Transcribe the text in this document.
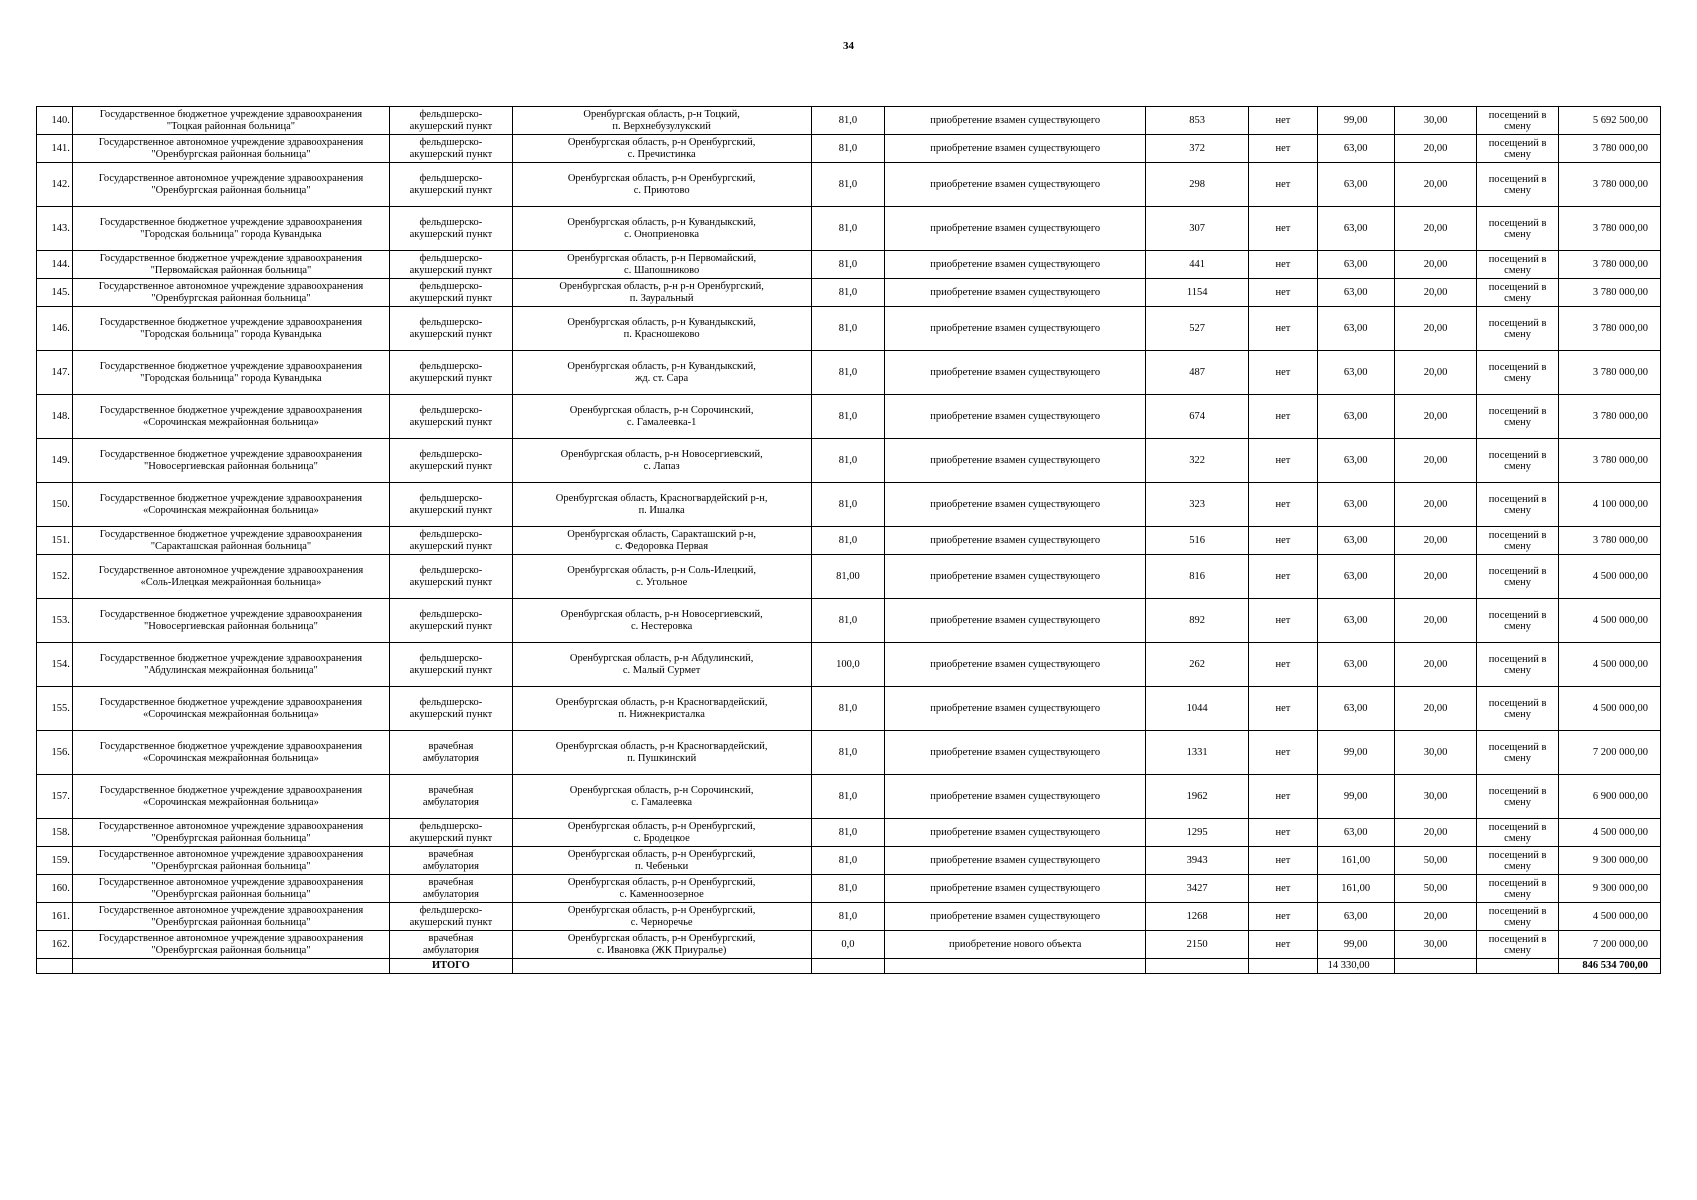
34
140.	Государственное бюджетное учреждение здравоохранения
"Тоцкая районная больница"	фельдшерско-
акушерский пункт	Оренбургская область, р-н Тоцкий,
п. Верхнебузулукский	81,0	приобретение взамен существующего	853	нет	99,00	30,00	посещений в
смену	5 692 500,00
141.	Государственное автономное учреждение здравоохранения
"Оренбургская районная больница"	фельдшерско-
акушерский пункт	Оренбургская область, р-н Оренбургский,
с. Пречистинка	81,0	приобретение взамен существующего	372	нет	63,00	20,00	посещений в
смену	3 780 000,00
142.	Государственное автономное учреждение здравоохранения
"Оренбургская районная больница"	фельдшерско-
акушерский пункт	Оренбургская область, р-н Оренбургский,
с. Приютово	81,0	приобретение взамен существующего	298	нет	63,00	20,00	посещений в
смену	3 780 000,00
143.	Государственное бюджетное учреждение здравоохранения
"Городская больница" города Кувандыка	фельдшерско-
акушерский пункт	Оренбургская область, р-н Кувандыкский,
с. Оноприеновка	81,0	приобретение взамен существующего	307	нет	63,00	20,00	посещений в
смену	3 780 000,00
144.	Государственное бюджетное учреждение здравоохранения
"Первомайская районная больница"	фельдшерско-
акушерский пункт	Оренбургская область, р-н Первомайский,
с. Шапошниково	81,0	приобретение взамен существующего	441	нет	63,00	20,00	посещений в
смену	3 780 000,00
145.	Государственное автономное учреждение здравоохранения
"Оренбургская районная больница"	фельдшерско-
акушерский пункт	Оренбургская область, р-н р-н Оренбургский,
п. Зауральный	81,0	приобретение взамен существующего	1154	нет	63,00	20,00	посещений в
смену	3 780 000,00
146.	Государственное бюджетное учреждение здравоохранения
"Городская больница" города Кувандыка	фельдшерско-
акушерский пункт	Оренбургская область, р-н Кувандыкский,
п. Красношеково	81,0	приобретение взамен существующего	527	нет	63,00	20,00	посещений в
смену	3 780 000,00
147.	Государственное бюджетное учреждение здравоохранения
"Городская больница" города Кувандыка	фельдшерско-
акушерский пункт	Оренбургская область, р-н Кувандыкский,
жд. ст. Сара	81,0	приобретение взамен существующего	487	нет	63,00	20,00	посещений в
смену	3 780 000,00
148.	Государственное бюджетное учреждение здравоохранения
«Сорочинская межрайонная больница»	фельдшерско-
акушерский пункт	Оренбургская область, р-н Сорочинский,
с. Гамалеевка-1	81,0	приобретение взамен существующего	674	нет	63,00	20,00	посещений в
смену	3 780 000,00
149.	Государственное бюджетное учреждение здравоохранения
"Новосергиевская районная больница"	фельдшерско-
акушерский пункт	Оренбургская область, р-н Новосергиевский,
с. Лапаз	81,0	приобретение взамен существующего	322	нет	63,00	20,00	посещений в
смену	3 780 000,00
150.	Государственное бюджетное учреждение здравоохранения
«Сорочинская межрайонная больница»	фельдшерско-
акушерский пункт	Оренбургская область, Красногвардейский р-н,
п. Ишалка	81,0	приобретение взамен существующего	323	нет	63,00	20,00	посещений в
смену	4 100 000,00
151.	Государственное бюджетное учреждение здравоохранения
"Саракташская районная больница"	фельдшерско-
акушерский пункт	Оренбургская область, Саракташский р-н,
с. Федоровка Первая	81,0	приобретение взамен существующего	516	нет	63,00	20,00	посещений в
смену	3 780 000,00
152.	Государственное автономное учреждение здравоохранения
«Соль-Илецкая межрайонная больница»	фельдшерско-
акушерский пункт	Оренбургская область, р-н Соль-Илецкий,
с. Угольное	81,00	приобретение взамен существующего	816	нет	63,00	20,00	посещений в
смену	4 500 000,00
153.	Государственное бюджетное учреждение здравоохранения
"Новосергиевская районная больница"	фельдшерско-
акушерский пункт	Оренбургская область, р-н Новосергиевский,
с. Нестеровка	81,0	приобретение взамен существующего	892	нет	63,00	20,00	посещений в
смену	4 500 000,00
154.	Государственное бюджетное учреждение здравоохранения
"Абдулинская межрайонная больница"	фельдшерско-
акушерский пункт	Оренбургская область, р-н Абдулинский,
с. Малый Сурмет	100,0	приобретение взамен существующего	262	нет	63,00	20,00	посещений в
смену	4 500 000,00
155.	Государственное бюджетное учреждение здравоохранения
«Сорочинская межрайонная больница»	фельдшерско-
акушерский пункт	Оренбургская область, р-н Красногвардейский,
п. Нижнекристалка	81,0	приобретение взамен существующего	1044	нет	63,00	20,00	посещений в
смену	4 500 000,00
156.	Государственное бюджетное учреждение здравоохранения
«Сорочинская межрайонная больница»	врачебная
амбулатория	Оренбургская область, р-н Красногвардейский,
п. Пушкинский	81,0	приобретение взамен существующего	1331	нет	99,00	30,00	посещений в
смену	7 200 000,00
157.	Государственное бюджетное учреждение здравоохранения
«Сорочинская межрайонная больница»	врачебная
амбулатория	Оренбургская область, р-н Сорочинский,
с. Гамалеевка	81,0	приобретение взамен существующего	1962	нет	99,00	30,00	посещений в
смену	6 900 000,00
158.	Государственное автономное учреждение здравоохранения
"Оренбургская районная больница"	фельдшерско-
акушерский пункт	Оренбургская область, р-н Оренбургский,
с. Бродецкое	81,0	приобретение взамен существующего	1295	нет	63,00	20,00	посещений в
смену	4 500 000,00
159.	Государственное автономное учреждение здравоохранения
"Оренбургская районная больница"	врачебная
амбулатория	Оренбургская область, р-н Оренбургский,
п. Чебеньки	81,0	приобретение взамен существующего	3943	нет	161,00	50,00	посещений в
смену	9 300 000,00
160.	Государственное автономное учреждение здравоохранения
"Оренбургская районная больница"	врачебная
амбулатория	Оренбургская область, р-н Оренбургский,
с. Каменноозерное	81,0	приобретение взамен существующего	3427	нет	161,00	50,00	посещений в
смену	9 300 000,00
161.	Государственное автономное учреждение здравоохранения
"Оренбургская районная больница"	фельдшерско-
акушерский пункт	Оренбургская область, р-н Оренбургский,
с. Черноречье	81,0	приобретение взамен существующего	1268	нет	63,00	20,00	посещений в
смену	4 500 000,00
162.	Государственное автономное учреждение здравоохранения
"Оренбургская районная больница"	врачебная
амбулатория	Оренбургская область, р-н Оренбургский,
с. Ивановка (ЖК Приуралье)	0,0	приобретение нового объекта	2150	нет	99,00	30,00	посещений в
смену	7 200 000,00
		ИТОГО						14 330,00			846 534 700,00
